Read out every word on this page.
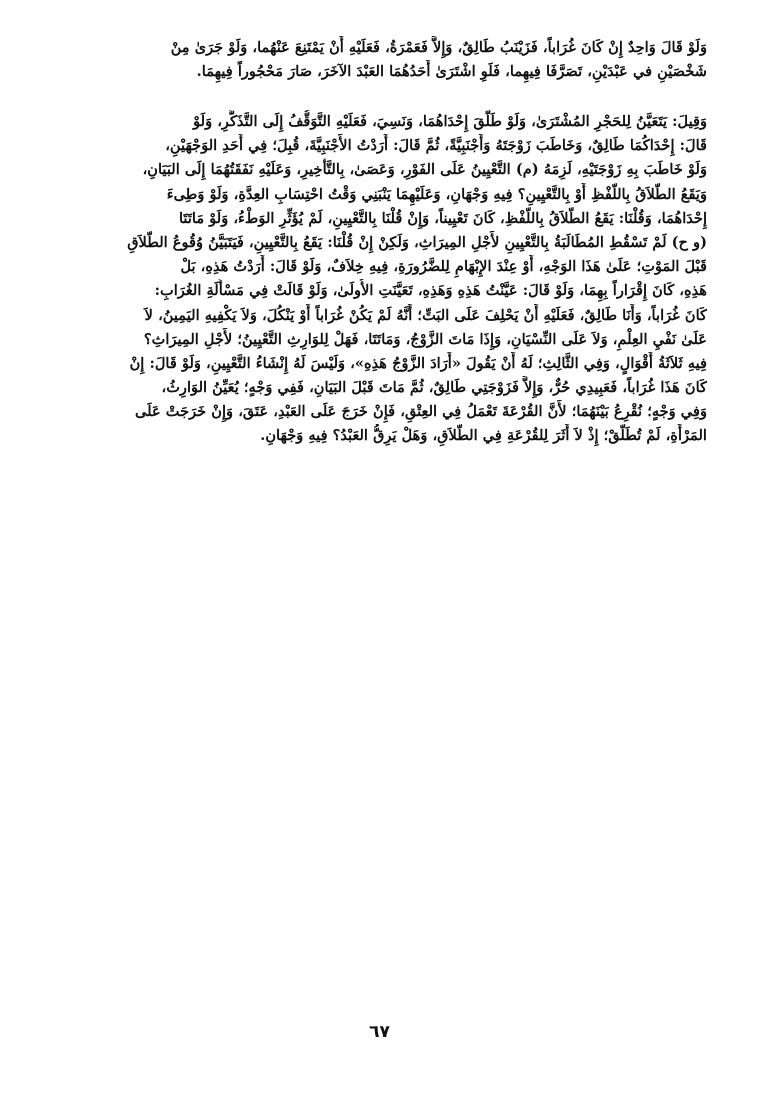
وَلَوْ قَالَ وَاحِدٌ إِنْ كَانَ غُرَاباً، فَزَيْنَبُ طَالِقٌ، وَإِلاَّ فَعَمْرَةُ، فَعَلَيْهِ أَنْ يَمْتَنِعَ عَنْهُما، وَلَوْ جَرَىٰ مِنْ
شَخْصَيْنِ في عَبْدَيْنِ، تَصَرَّفَا فِيهِما، فَلَوِ اشْتَرَىٰ أَحَدُهُمَا العَبْدَ الآخَرَ، صَارَ مَحْجُوراً فِيهِمَا.
وَقِيلَ: يَتَعَيَّنُ لِلحَجْرِ المُشْتَرَىٰ، وَلَوْ طَلَّقَ إِحْدَاهُمَا، وَنَسِيَ، فَعَلَيْهِ التَّوَقُّفُ إِلَى التَّذَكُّرِ، وَلَوْ
قَالَ: إِحْدَاكُمَا طَالِقٌ، وَخَاطَبَ زَوْجَتَهُ وَأَجْنَبِيَّةً، ثُمَّ قَالَ: أَرَدْتُ الأَجْنَبِيَّةَ، قُبِلَ؛ فِي أَحَدِ الوَجْهَيْنِ،
وَلَوْ خَاطَبَ بِهِ زَوْجَتَيْهِ، لَزِمَهُ (م) التَّعْيِينُ عَلَى الفَوْرِ، وَعَصَىٰ، بِالتَّأْخِيرِ، وَعَلَيْهِ نَفَقَتُهُمَا إِلَى البَيَانِ،
وَيَقَعُ الطَّلاَقُ بِاللَّفْظِ أَوْ بِالتَّعْيِينِ؟ فِيهِ وَجْهَانِ، وَعَلَيْهِمَا يَنْبَنِي وَقْتُ احْتِسَابِ العِدَّةِ، وَلَوْ وَطِىءَ
إِحْدَاهُمَا، وَقُلْنَا: يَقَعُ الطَّلاَقُ بِاللَّفْظِ، كَانَ تَعْيِيناً، وَإِنْ قُلْنَا بِالتَّعْيِينِ، لَمْ يُؤَثِّرِ الوَطْءُ، وَلَوْ مَاتَتَا
(و ح) لَمْ تَسْقُطِ المُطَالَبَةُ بِالتَّعْيِينِ لأَجْلِ المِيرَاثِ، وَلَكِنْ إِنْ قُلْنَا: يَقَعُ بِالتَّعْيِينِ، فَيَتَبَيَّنُ وُقُوعُ الطَّلاَقِ
قَبْلَ المَوْتِ؛ عَلَىٰ هَذَا الوَجْهِ، أَوْ عِنْدَ الإِبْهَامِ لِلضَّرُورَةِ، فِيهِ خِلاَفٌ، وَلَوْ قَالَ: أَرَدْتُ هَذِهِ، بَلْ
هَذِهِ، كَانَ إِقْرَاراً بِهِمَا، وَلَوْ قَالَ: عَيَّنْتُ هَذِهِ وَهَذِهِ، تَعَيَّنَتِ الأُولَىٰ، وَلَوْ قَالَتْ فِي مَسْأَلَةِ الغُرَابِ:
كَانَ غُرَاباً، وَأَنَا طَالِقٌ، فَعَلَيْهِ أَنْ يَحْلِفَ عَلَى البَتِّ؛ أَنَّهُ لَمْ يَكُنْ غُرَاباً أَوْ يَنْكُلَ، وَلاَ يَكْفِيهِ اليَمِينُ، لاَ
عَلَىٰ نَفْيِ العِلْمِ، وَلاَ عَلَى النِّسْيَانِ، وَإِذَا مَاتَ الزَّوْجُ، وَمَاتَتَا، فَهَلْ لِلوَارِثِ التَّعْيِينُ؛ لأَجْلِ المِيرَاثِ؟
فِيهِ ثَلاَثَةُ أَقْوَالٍ، وَفِي الثَّالِثِ؛ لَهُ أَنْ يَقُولَ «أَرَادَ الزَّوْجُ هَذِهِ»، وَلَيْسَ لَهُ إِنْشَاءُ التَّعْيِينِ، وَلَوْ قَالَ: إِنْ
كَانَ هَذَا غُرَاباً، فَعَبِيدِي حُرٌّ، وَإِلاَّ فَزَوْجَتِي طَالِقٌ، ثُمَّ مَاتَ قَبْلَ البَيَانِ، فَفِي وَجْهٍ؛ يُعَيِّنُ الوَارِثُ،
وَفِي وَجْهٍ؛ نُقْرِعُ بَيْنَهُمَا؛ لأَنَّ القُرْعَةَ تَعْمَلُ فِي العِتْقِ، فَإِنْ خَرَجَ عَلَى العَبْدِ، عَتَقَ، وَإِنْ خَرَجَتْ عَلَى
المَرْأَةِ، لَمْ تُطَلَّقْ؛ إِذْ لاَ أَثَرَ لِلقُرْعَةِ فِي الطَّلاَقِ، وَهَلْ يَرِقُّ العَبْدُ؟ فِيهِ وَجْهَانِ.
٦٧
